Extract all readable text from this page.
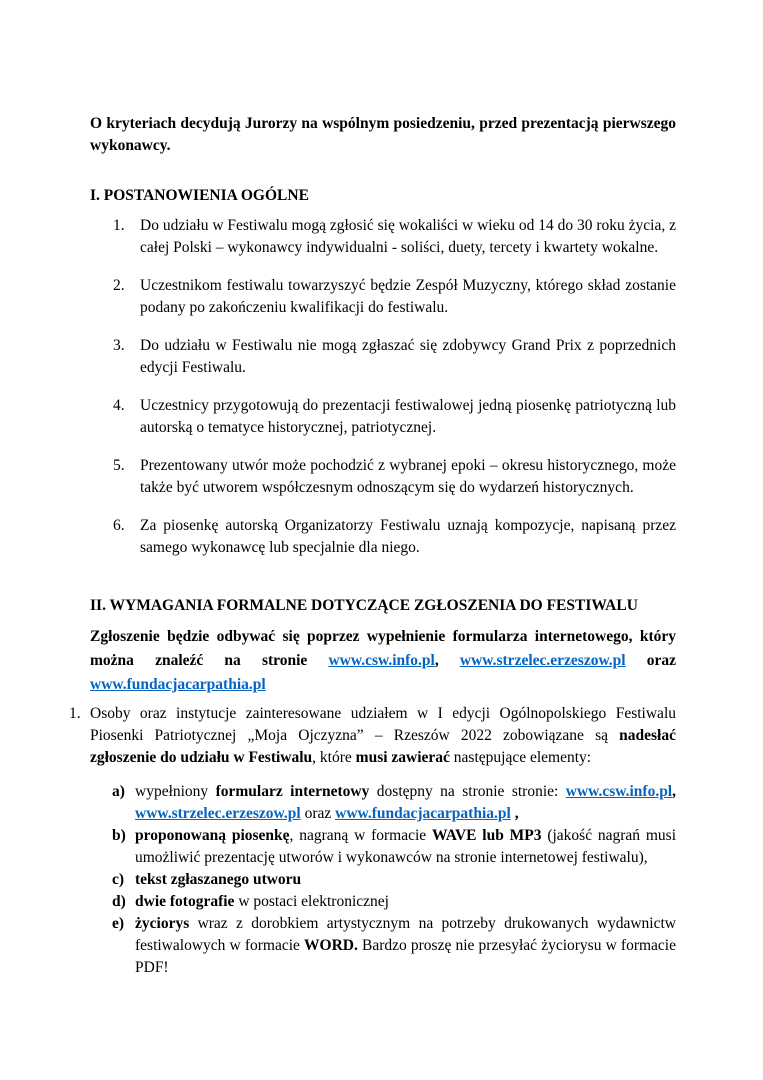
O kryteriach decydują Jurorzy na wspólnym posiedzeniu, przed prezentacją pierwszego wykonawcy.

I. POSTANOWIENIA OGÓLNE
1. Do udziału w Festiwalu mogą zgłosić się wokaliści w wieku od 14 do 30 roku życia, z całej Polski – wykonawcy indywidualni - soliści, duety, tercety i kwartety wokalne.
2. Uczestnikom festiwalu towarzyszyć będzie Zespół Muzyczny, którego skład zostanie podany po zakończeniu kwalifikacji do festiwalu.
3. Do udziału w Festiwalu nie mogą zgłaszać się zdobywcy Grand Prix z poprzednich edycji Festiwalu.
4. Uczestnicy przygotowują do prezentacji festiwalowej jedną piosenkę patriotyczną lub autorską o tematyce historycznej, patriotycznej.
5. Prezentowany utwór może pochodzić z wybranej epoki – okresu historycznego, może także być utworem współczesnym odnoszącym się do wydarzeń historycznych.
6. Za piosenkę autorską Organizatorzy Festiwalu uznają kompozycje, napisaną przez samego wykonawcę lub specjalnie dla niego.
II. WYMAGANIA FORMALNE DOTYCZĄCE ZGŁOSZENIA DO FESTIWALU

Zgłoszenie będzie odbywać się poprzez wypełnienie formularza internetowego, który można znaleźć na stronie www.csw.info.pl, www.strzelec.erzeszow.pl oraz www.fundacjacarpathia.pl

1. Osoby oraz instytucje zainteresowane udziałem w I edycji Ogólnopolskiego Festiwalu Piosenki Patriotycznej „Moja Ojczyzna” – Rzeszów 2022 zobowiązane są nadesłać zgłoszenie do udziału w Festiwalu, które musi zawierać następujące elementy:
a) wypełniony formularz internetowy dostępny na stronie stronie: www.csw.info.pl, www.strzelec.erzeszow.pl oraz www.fundacjacarpathia.pl ,
b) proponowaną piosenkę, nagraną w formacie WAVE lub MP3 (jakość nagrań musi umożliwić prezentację utworów i wykonawców na stronie internetowej festiwalu),
c) tekst zgłaszanego utworu
d) dwie fotografie w postaci elektronicznej
e) życiorys wraz z dorobkiem artystycznym na potrzeby drukowanych wydawnictw festiwalowych w formacie WORD. Bardzo proszę nie przesyłać życiorysu w formacie PDF!
